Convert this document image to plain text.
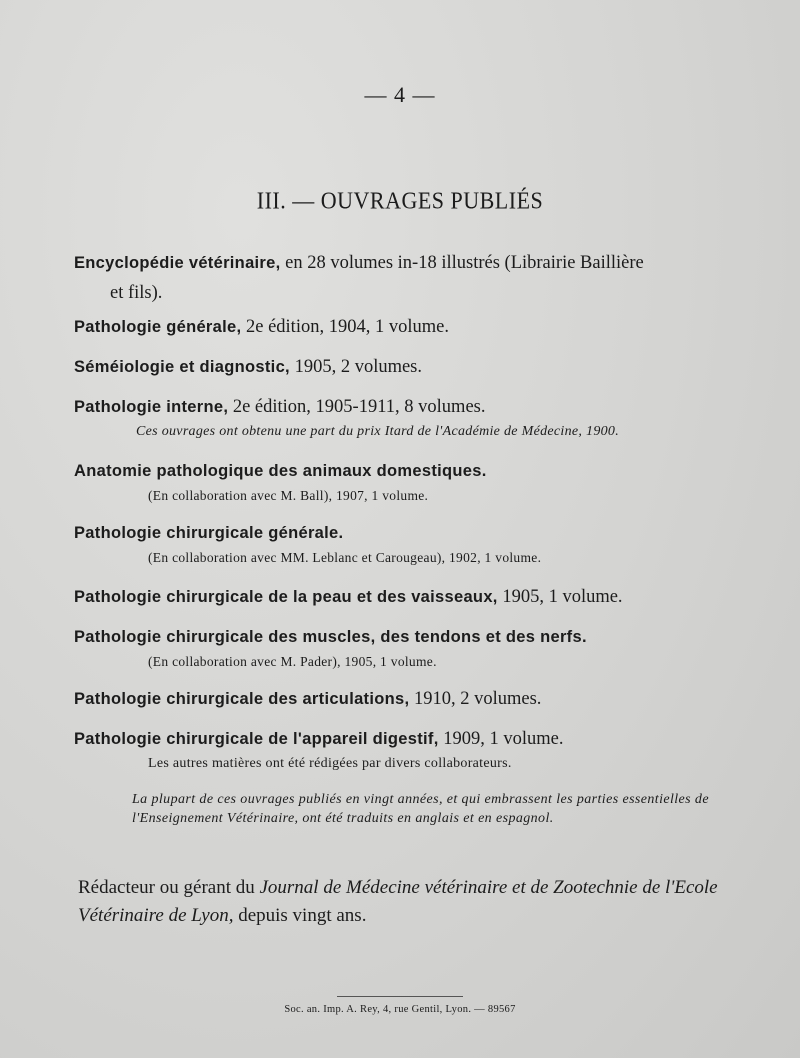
— 4 —
III. — OUVRAGES PUBLIÉS
Encyclopédie vétérinaire, en 28 volumes in-18 illustrés (Librairie Baillière
et fils).
Pathologie générale, 2e édition, 1904, 1 volume.
Séméiologie et diagnostic, 1905, 2 volumes.
Pathologie interne, 2e édition, 1905-1911, 8 volumes.
Ces ouvrages ont obtenu une part du prix Itard de l'Académie de Médecine, 1900.
Anatomie pathologique des animaux domestiques.
(En collaboration avec M. Ball), 1907, 1 volume.
Pathologie chirurgicale générale.
(En collaboration avec MM. Leblanc et Carougeau), 1902, 1 volume.
Pathologie chirurgicale de la peau et des vaisseaux, 1905, 1 volume.
Pathologie chirurgicale des muscles, des tendons et des nerfs.
(En collaboration avec M. Pader), 1905, 1 volume.
Pathologie chirurgicale des articulations, 1910, 2 volumes.
Pathologie chirurgicale de l'appareil digestif, 1909, 1 volume.
Les autres matières ont été rédigées par divers collaborateurs.
La plupart de ces ouvrages publiés en vingt années, et qui embrassent les parties essentielles de l'Enseignement Vétérinaire, ont été traduits en anglais et en espagnol.
Rédacteur ou gérant du Journal de Médecine vétérinaire et de Zootechnie de l'Ecole Vétérinaire de Lyon, depuis vingt ans.
Soc. an. Imp. A. Rey, 4, rue Gentil, Lyon. — 89567
